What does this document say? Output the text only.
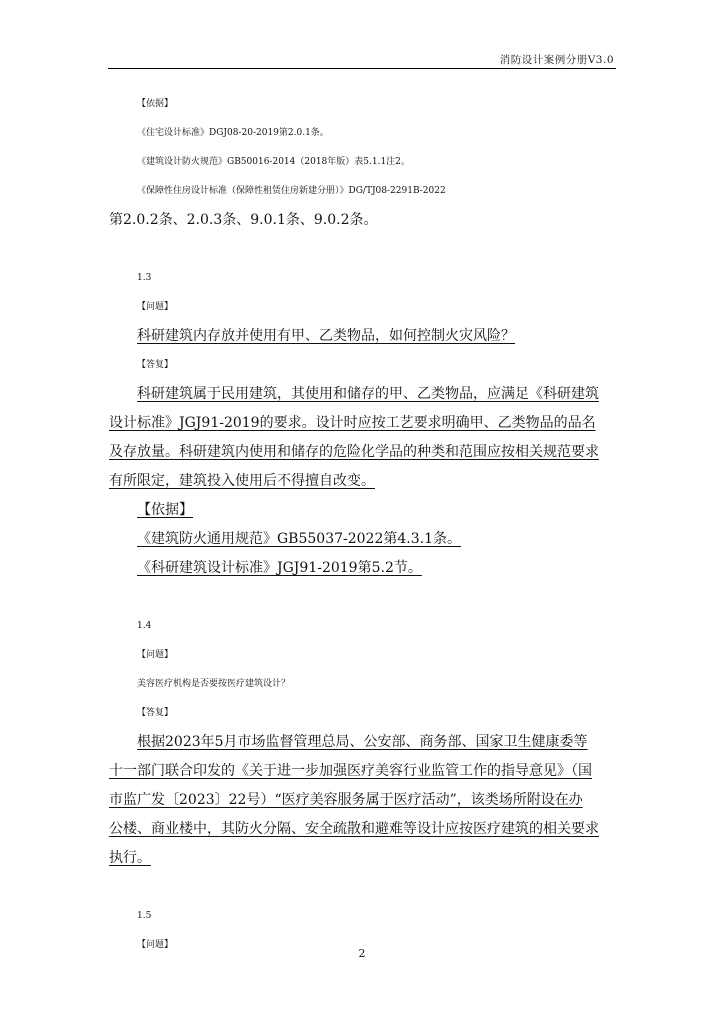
消防设计案例分册V3.0
【依据】
《住宅设计标准》DGJ08-20-2019第2.0.1条。
《建筑设计防火规范》GB50016-2014（2018年版）表5.1.1注2。
《保障性住房设计标准（保障性租赁住房新建分册）》DG/TJ08-2291B-2022
第2.0.2条、2.0.3条、9.0.1条、9.0.2条。
1.3
【问题】
科研建筑内存放并使用有甲、乙类物品，如何控制火灾风险？
【答复】
科研建筑属于民用建筑，其使用和储存的甲、乙类物品，应满足《科研建筑
设计标准》JGJ91-2019的要求。设计时应按工艺要求明确甲、乙类物品的品名
及存放量。科研建筑内使用和储存的危险化学品的种类和范围应按相关规范要求
有所限定，建筑投入使用后不得擅自改变。
【依据】
《建筑防火通用规范》GB55037-2022第4.3.1条。
《科研建筑设计标准》JGJ91-2019第5.2节。
1.4
【问题】
美容医疗机构是否要按医疗建筑设计？
【答复】
根据2023年5月市场监督管理总局、公安部、商务部、国家卫生健康委等
十一部门联合印发的《关于进一步加强医疗美容行业监管工作的指导意见》（国
市监广发〔2023〕22号）“医疗美容服务属于医疗活动”，该类场所附设在办
公楼、商业楼中，其防火分隔、安全疏散和避难等设计应按医疗建筑的相关要求
执行。
1.5
【问题】
2
